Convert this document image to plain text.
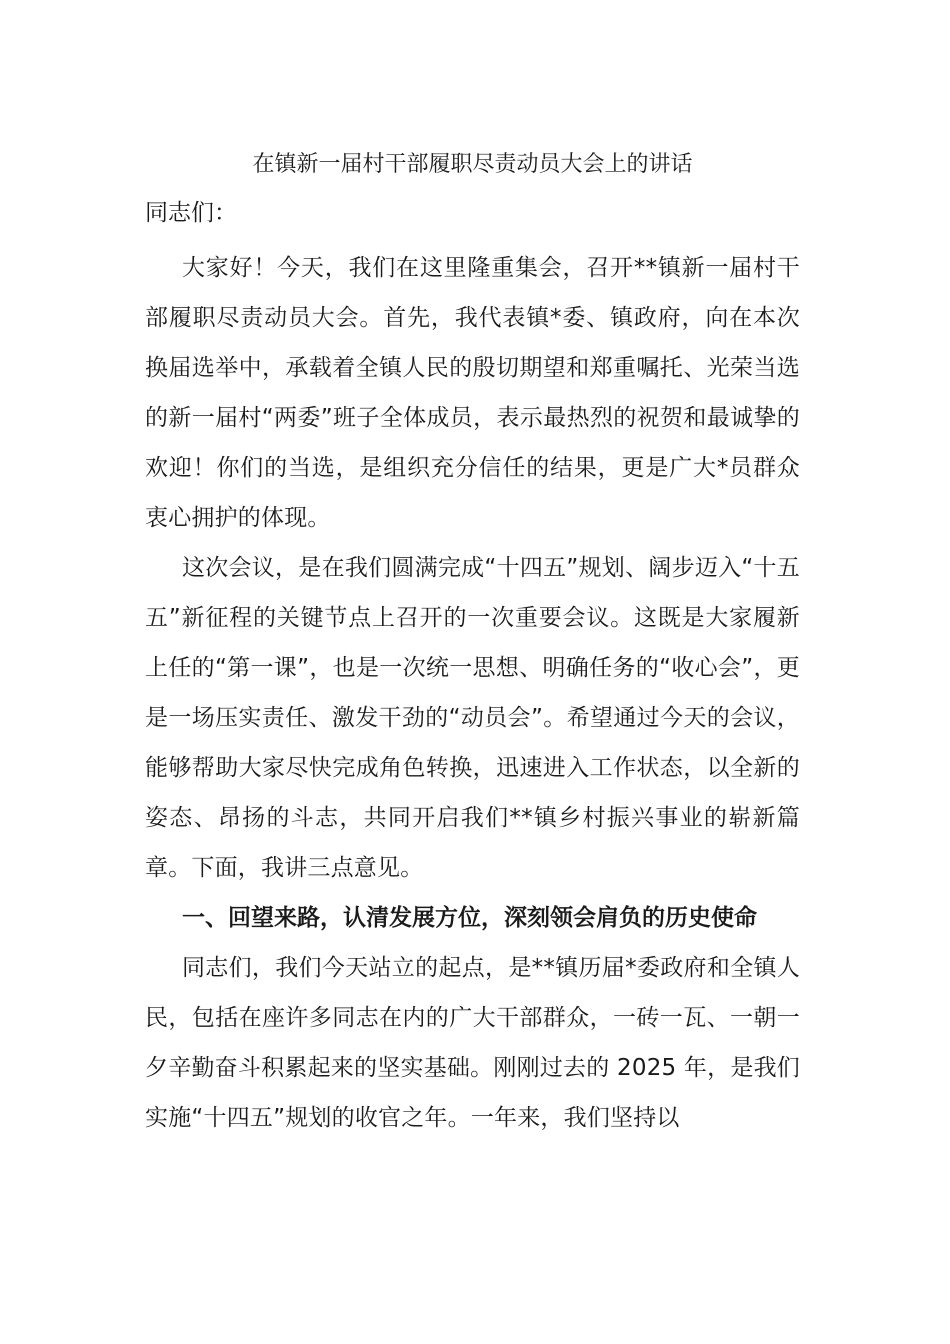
在镇新一届村干部履职尽责动员大会上的讲话

同志们：

大家好！今天，我们在这里隆重集会，召开**镇新一届村干部履职尽责动员大会。首先，我代表镇*委、镇政府，向在本次换届选举中，承载着全镇人民的殷切期望和郑重嘱托、光荣当选的新一届村“两委”班子全体成员，表示最热烈的祝贺和最诚挚的欢迎！你们的当选，是组织充分信任的结果，更是广大*员群众衷心拥护的体现。

这次会议，是在我们圆满完成“十四五”规划、阔步迈入“十五五”新征程的关键节点上召开的一次重要会议。这既是大家履新上任的“第一课”，也是一次统一思想、明确任务的“收心会”，更是一场压实责任、激发干劲的“动员会”。希望通过今天的会议，能够帮助大家尽快完成角色转换，迅速进入工作状态，以全新的姿态、昂扬的斗志，共同开启我们**镇乡村振兴事业的崭新篇章。下面，我讲三点意见。

一、回望来路，认清发展方位，深刻领会肩负的历史使命

同志们，我们今天站立的起点，是**镇历届*委政府和全镇人民，包括在座许多同志在内的广大干部群众，一砖一瓦、一朝一夕辛勤奋斗积累起来的坚实基础。刚刚过去的 2025 年，是我们实施“十四五”规划的收官之年。一年来，我们坚持以
